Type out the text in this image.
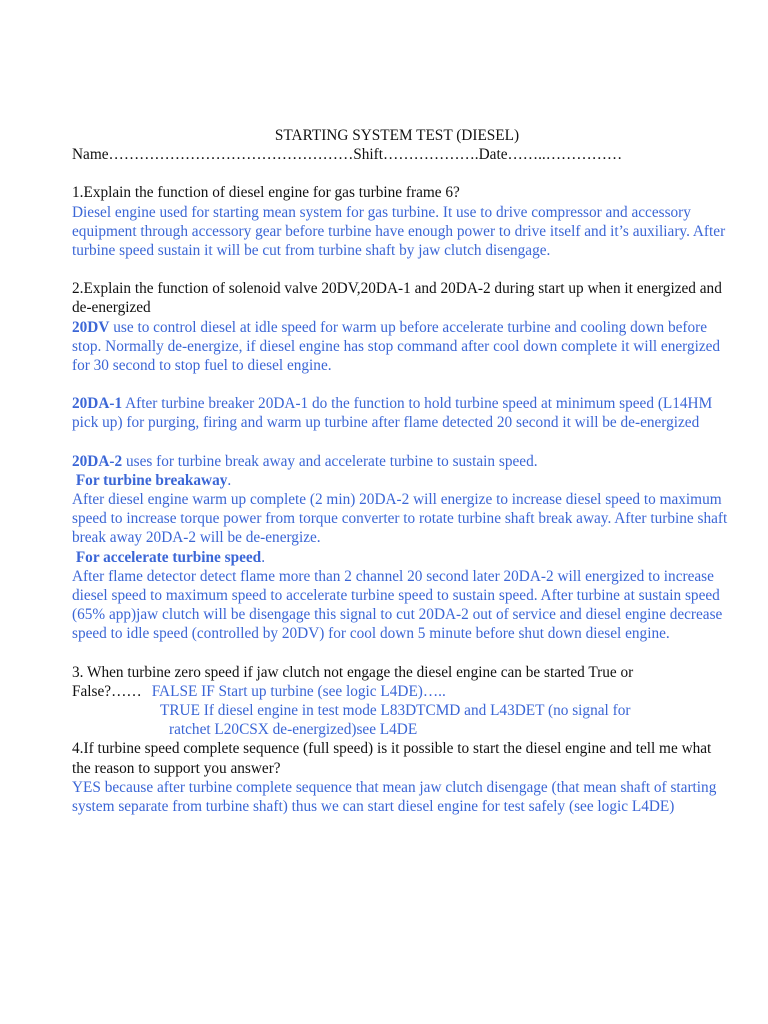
STARTING SYSTEM TEST (DIESEL)

Name…………………………………………Shift……………….Date……..……………

1.Explain the function of diesel engine for gas turbine frame 6?

Diesel engine used for starting mean system for gas turbine. It use to drive compressor and accessory equipment through accessory gear before turbine have enough power to drive itself and it’s auxiliary. After turbine speed sustain it will be cut from turbine shaft by jaw clutch disengage.

2.Explain the function of solenoid valve 20DV,20DA-1 and 20DA-2 during start up when it energized and de-energized

20DV use to control diesel at idle speed for warm up before accelerate turbine and cooling down before stop. Normally de-energize, if diesel engine has stop command after cool down complete it will energized for 30 second to stop fuel to diesel engine.

20DA-1 After turbine breaker 20DA-1 do the function to hold turbine speed at minimum speed (L14HM pick up) for purging, firing and warm up turbine after flame detected 20 second it will be de-energized

20DA-2 uses for turbine break away and accelerate turbine to sustain speed.

For turbine breakaway.

After diesel engine warm up complete (2 min) 20DA-2 will energize to increase diesel speed to maximum speed to increase torque power from torque converter to rotate turbine shaft break away. After turbine shaft break away 20DA-2 will be de-energize.

For accelerate turbine speed.

After flame detector detect flame more than 2 channel 20 second later 20DA-2 will energized to increase diesel speed to maximum speed to accelerate turbine speed to sustain speed. After turbine at sustain speed (65% app)jaw clutch will be disengage this signal to cut 20DA-2 out of service and diesel engine decrease speed to idle speed (controlled by 20DV) for cool down 5 minute before shut down diesel engine.

3. When turbine zero speed if jaw clutch not engage the diesel engine can be started True or

False?…… FALSE IF Start up turbine (see logic L4DE)…..

TRUE If diesel engine in test mode L83DTCMD and L43DET (no signal for

ratchet L20CSX de-energized)see L4DE

4.If turbine speed complete sequence (full speed) is it possible to start the diesel engine and tell me what the reason to support you answer?

YES because after turbine complete sequence that mean jaw clutch disengage (that mean shaft of starting system separate from turbine shaft) thus we can start diesel engine for test safely (see logic L4DE)
